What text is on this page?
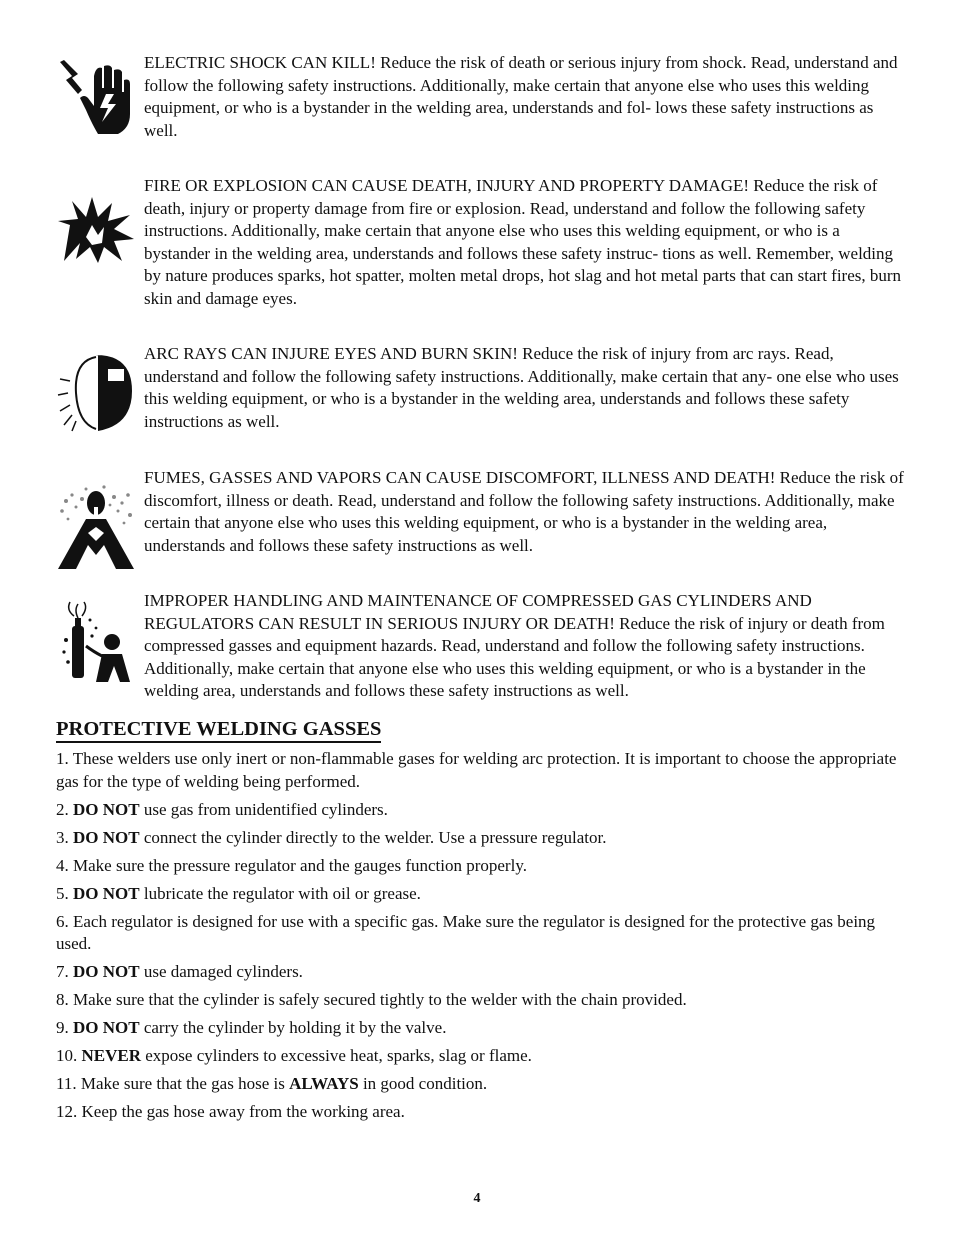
ELECTRIC SHOCK CAN KILL! Reduce the risk of death or serious injury from shock. Read, understand and follow the following safety instructions. Additionally, make certain that anyone else who uses this welding equipment, or who is a bystander in the welding area, understands and fol- lows these safety instructions as well.
FIRE OR EXPLOSION CAN CAUSE DEATH, INJURY AND PROPERTY DAMAGE! Reduce the risk of death, injury or property damage from fire or explosion. Read, understand and follow the following safety instructions. Additionally, make certain that anyone else who uses this welding equipment, or who is a bystander in the welding area, understands and follows these safety instruc- tions as well. Remember, welding by nature produces sparks, hot spatter, molten metal drops, hot slag and hot metal parts that can start fires, burn skin and damage eyes.
ARC RAYS CAN INJURE EYES AND BURN SKIN! Reduce the risk of injury from arc rays. Read, understand and follow the following safety instructions. Additionally, make certain that any- one else who uses this welding equipment, or who is a bystander in the welding area, understands and follows these safety instructions as well.
FUMES, GASSES AND VAPORS CAN CAUSE DISCOMFORT, ILLNESS AND DEATH! Reduce the risk of discomfort, illness or death. Read, understand and follow the following safety instructions. Additionally, make certain that anyone else who uses this welding equipment, or who is a bystander in the welding area, understands and follows these safety instructions as well.
IMPROPER HANDLING AND MAINTENANCE OF COMPRESSED GAS CYLINDERS AND REGULATORS CAN RESULT IN SERIOUS INJURY OR DEATH! Reduce the risk of injury or death from compressed gasses and equipment hazards. Read, understand and follow the following safety instructions. Additionally, make certain that anyone else who uses this welding equipment, or who is a bystander in the welding area, understands and follows these safety instructions as well.
PROTECTIVE WELDING GASSES
1. These welders use only inert or non-flammable gases for welding arc protection. It is important to choose the appropriate gas for the type of welding being performed.
2. DO NOT use gas from unidentified cylinders.
3. DO NOT connect the cylinder directly to the welder. Use a pressure regulator.
4. Make sure the pressure regulator and the gauges function properly.
5. DO NOT lubricate the regulator with oil or grease.
6. Each regulator is designed for use with a specific gas. Make sure the regulator is designed for the protective gas being used.
7. DO NOT use damaged cylinders.
8. Make sure that the cylinder is safely secured tightly to the welder with the chain provided.
9. DO NOT carry the cylinder by holding it by the valve.
10. NEVER expose cylinders to excessive heat, sparks, slag or flame.
11. Make sure that the gas hose is ALWAYS in good condition.
12. Keep the gas hose away from the working area.
4
